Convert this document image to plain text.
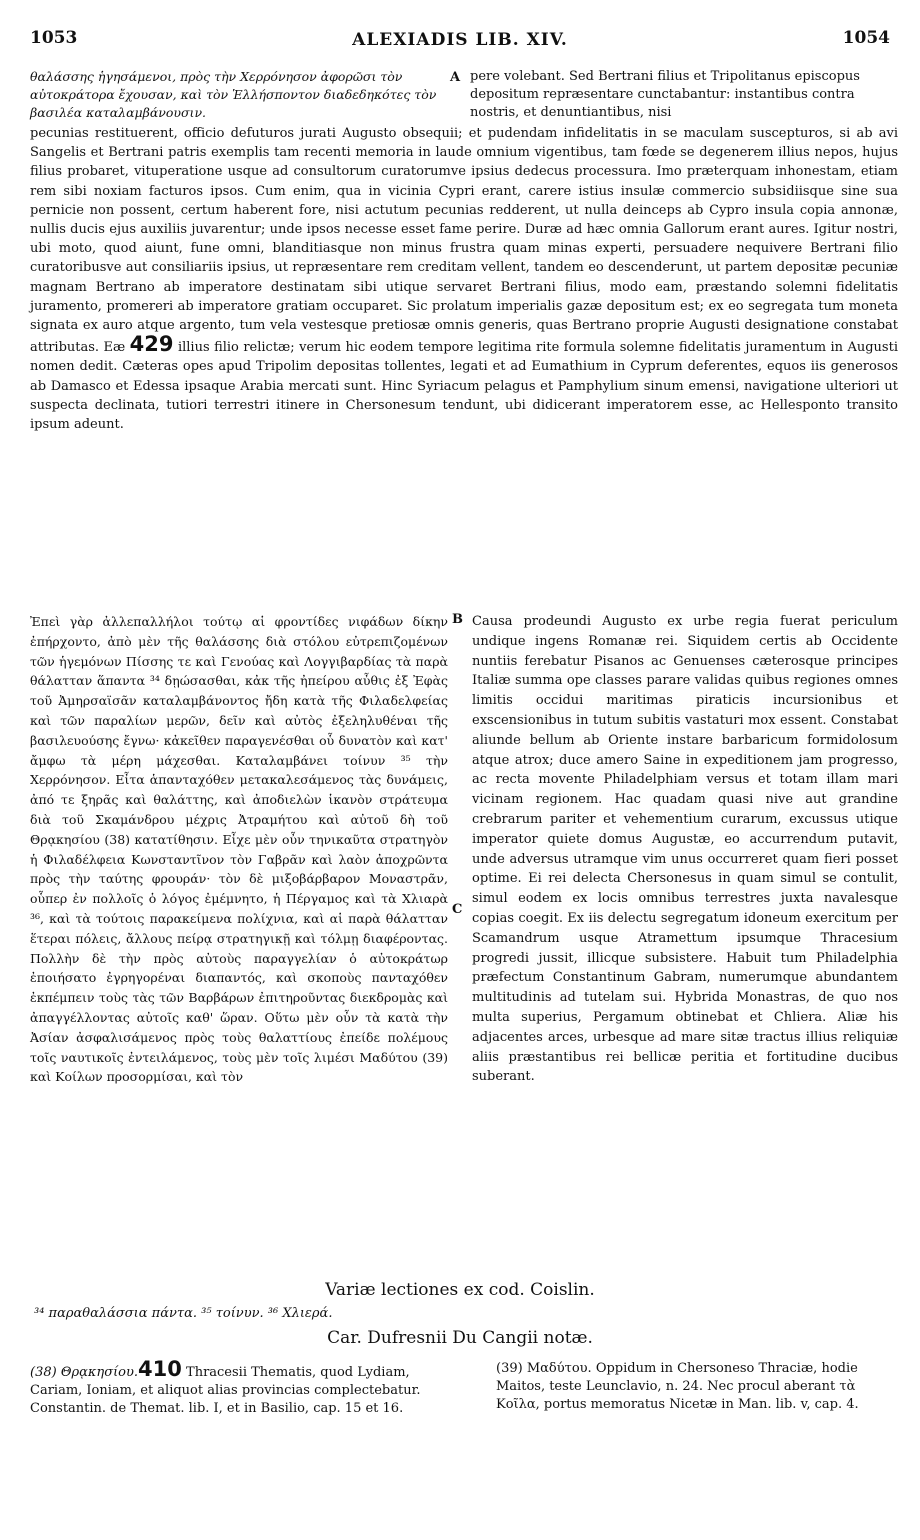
1053	ALEXIADIS LIB. XIV.	1054
θαλάσσης ἡγησάμενοι, πρὸς τὴν Χερρόνησον ἀφορῶσι τὸν αὐτοκράτορα ἔχουσαν, καὶ τὸν Ἑλλήσποντον διαδεδηκότες τὸν βασιλέα καταλαμβάνουσιν.
A pere volebant. Sed Bertrani filius et Tripolitanus episcopus depositum repræsentare cunctabantur: instantibus contra nostris, et denuntiantibus, nisi
pecunias restituerent, officio defuturos jurati Augusto obsequii; et pudendam infidelitatis in se maculam suscepturos, si ab avi Sangelis et Bertrani patris exemplis tam recenti memoria in laude omnium vigentibus, tam fœde se degenerem illius nepos, hujus filius probaret, vituperatione usque ad consultorum curatorumve ipsius dedecus processura. Imo præterquam inhonestam, etiam rem sibi noxiam facturos ipsos. Cum enim, qua in vicinia Cypri erant, carere istius insulæ commercio subsidiisque sine sua pernicie non possent, certum haberent fore, nisi actutum pecunias redderent, ut nulla deinceps ab Cypro insula copia annonæ, nullis ducis ejus auxiliis juvarentur; unde ipsos necesse esset fame perire. Duræ ad hæc omnia Gallorum erant aures. Igitur nostri, ubi moto, quod aiunt, fune omni, blanditiasque non minus frustra quam minas experti, persuadere nequivere Bertrani filio curatoribusve aut consiliariis ipsius, ut repræsentare rem creditam vellent, tandem eo descenderunt, ut partem depositæ pecuniæ magnam Bertrano ab imperatore destinatam sibi utique servaret Bertrani filius, modo eam, præstando solemni fidelitatis juramento, promereri ab imperatore gratiam occuparet. Sic prolatum imperialis gazæ depositum est; ex eo segregata tum moneta signata ex auro atque argento, tum vela vestesque pretiosæ omnis generis, quas Bertrano proprie Augusti designatione constabat attributas. Eæ 429 illius filio relictæ; verum hic eodem tempore legitima rite formula solemne fidelitatis juramentum in Augusti nomen dedit. Cæteras opes apud Tripolim depositas tollentes, legati et ad Eumathium in Cyprum deferentes, equos iis generosos ab Damasco et Edessa ipsaque Arabia mercati sunt. Hinc Syriacum pelagus et Pamphylium sinum emensi, navigatione ulteriori ut suspecta declinata, tutiori terrestri itinere in Chersonesum tendunt, ubi didicerant imperatorem esse, ac Hellesponto transito ipsum adeunt.
Ἐπεὶ γὰρ ἀλλεπαλλήλοι τούτῳ αἱ φροντίδες νιφάδων δίκην ἐπήρχοντο, ἀπὸ μὲν τῆς θαλάσσης διὰ στόλου εὐτρεπιζομένων τῶν ἡγεμόνων Πίσσης τε καὶ Γενούας καὶ Λογγιβαρδίας τὰ παρὰ θάλατταν ἅπαντα ³⁴ δῃώσασθαι, κἀκ τῆς ἠπείρου αὖθις ἐξ Ἐφὰς τοῦ Ἀμηρσαϊσᾶν καταλαμβάνοντος ἤδη κατὰ τῆς Φιλαδελφείας καὶ τῶν παραλίων μερῶν, δεῖν καὶ αὐτὸς ἐξεληλυθέναι τῆς βασιλευούσης ἔγνω· κἀκεῖθεν παραγενέσθαι οὗ δυνατὸν καὶ κατ' ἄμφω τὰ μέρη μάχεσθαι. Καταλαμβάνει τοίνυν ³⁵ τὴν Χερρόνησον. Εἶτα ἁπανταχόθεν μετακαλεσάμενος τὰς δυνάμεις, ἀπό τε ξηρᾶς καὶ θαλάττης, καὶ ἀποδιελὼν ἱκανὸν στράτευμα διὰ τοῦ Σκαμάνδρου μέχρις Ἀτραμήτου καὶ αὐτοῦ δὴ τοῦ Θρᾳκησίου (38) κατατίθησιν. Εἶχε μὲν οὖν τηνικαῦτα στρατηγὸν ἡ Φιλαδέλφεια Κωνσταντῖνον τὸν Γαβρᾶν καὶ λαὸν ἀποχρῶντα πρὸς τὴν ταύτης φρουράν· τὸν δὲ μιξοβάρβαρον Μοναστρᾶν, οὗπερ ἐν πολλοῖς ὁ λόγος ἐμέμνητο, ἡ Πέργαμος καὶ τὰ Χλιαρὰ ³⁶, καὶ τὰ τούτοις παρακείμενα πολίχνια, καὶ αἱ παρὰ θάλατταν ἕτεραι πόλεις, ἄλλους πείρᾳ στρατηγικῇ καὶ τόλμῃ διαφέροντας. Πολλὴν δὲ τὴν πρὸς αὐτοὺς παραγγελίαν ὁ αὐτοκράτωρ ἐποιήσατο ἐγρηγορέναι διαπαντός, καὶ σκοποὺς πανταχόθεν ἐκπέμπειν τοὺς τὰς τῶν Βαρβάρων ἐπιτηροῦντας διεκδρομὰς καὶ ἀπαγγέλλοντας αὐτοῖς καθ' ὥραν. Οὕτω μὲν οὖν τὰ κατὰ τὴν Ἀσίαν ἀσφαλισάμενος πρὸς τοὺς θαλαττίους ἐπείδε πολέμους τοῖς ναυτικοῖς ἐντειλάμενος, τοὺς μὲν τοῖς λιμέσι Μαδύτου (39) καὶ Κοίλων προσορμίσαι, καὶ τὸν
B
C
Causa prodeundi Augusto ex urbe regia fuerat periculum undique ingens Romanæ rei. Siquidem certis ab Occidente nuntiis ferebatur Pisanos ac Genuenses cæterosque principes Italiæ summa ope classes parare validas quibus regiones omnes limitis occidui maritimas piraticis incursionibus et exscensionibus in tutum subitis vastaturi mox essent. Constabat aliunde bellum ab Oriente instare barbaricum formidolosum atque atrox; duce amero Saine in expeditionem jam progresso, ac recta movente Philadelphiam versus et totam illam mari vicinam regionem. Hac quadam quasi nive aut grandine crebrarum pariter et vehementium curarum, excussus utique imperator quiete domus Augustæ, eo accurrendum putavit, unde adversus utramque vim unus occurreret quam fieri posset optime. Ei rei delecta Chersonesus in quam simul se contulit, simul eodem ex locis omnibus terrestres juxta navalesque copias coegit. Ex iis delectu segregatum idoneum exercitum per Scamandrum usque Atramettum ipsumque Thracesium progredi jussit, illicque subsistere. Habuit tum Philadelphia præfectum Constantinum Gabram, numerumque abundantem multitudinis ad tutelam sui. Hybrida Monastras, de quo nos multa superius, Pergamum obtinebat et Chliera. Aliæ his adjacentes arces, urbesque ad mare sitæ tractus illius reliquiæ aliis præstantibus rei bellicæ peritia et fortitudine ducibus suberant.
Variæ lectiones ex cod. Coislin.
³⁴ παραθαλάσσια πάντα. ³⁵ τοίνυν. ³⁶ Χλιερά.
Car. Dufresnii Du Cangii notæ.
(38) Θρᾳκησίου.410 Thracesii Thematis, quod Lydiam, Cariam, Ioniam, et aliquot alias provincias complectebatur. Constantin. de Themat. lib. I, et in Basilio, cap. 15 et 16.
(39) Μαδύτου. Oppidum in Chersoneso Thraciæ, hodie Maitos, teste Leunclavio, n. 24. Nec procul aberant τὰ Κοῖλα, portus memoratus Nicetæ in Man. lib. v, cap. 4.
